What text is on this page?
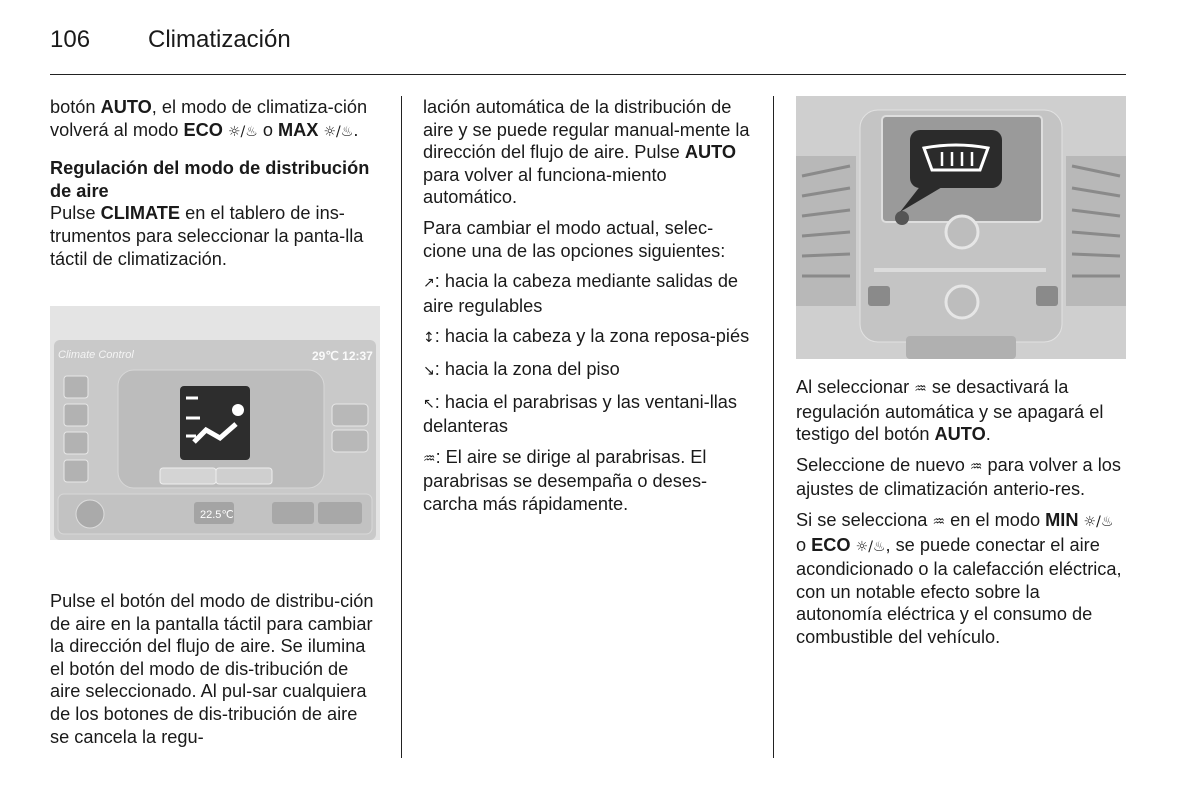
106	Climatización

botón AUTO, el modo de climatiza-ción volverá al modo ECO ☼/♨ o MAX ☼/♨.

Regulación del modo de distribución de aire

Pulse CLIMATE en el tablero de ins-trumentos para seleccionar la panta-lla táctil de climatización.

Climate Control	29℃ 12:37
22.5℃
Pulse el botón del modo de distribu-ción de aire en la pantalla táctil para cambiar la dirección del flujo de aire. Se ilumina el botón del modo de dis-tribución de aire seleccionado. Al pul-sar cualquiera de los botones de dis-tribución de aire se cancela la regu-

lación automática de la distribución de aire y se puede regular manual-mente la dirección del flujo de aire. Pulse AUTO para volver al funciona-miento automático.

Para cambiar el modo actual, selec-cione una de las opciones siguientes:

↗: hacia la cabeza mediante salidas de aire regulables

↕: hacia la cabeza y la zona reposa-piés

↘: hacia la zona del piso

↖: hacia el parabrisas y las ventani-llas delanteras

♒: El aire se dirige al parabrisas. El parabrisas se desempaña o deses-carcha más rápidamente.

Al seleccionar ♒ se desactivará la regulación automática y se apagará el testigo del botón AUTO.

Seleccione de nuevo ♒ para volver a los ajustes de climatización anterio-res.

Si se selecciona ♒ en el modo MIN ☼/♨ o ECO ☼/♨, se puede conectar el aire acondicionado o la calefacción eléctrica, con un notable efecto sobre la autonomía eléctrica y el consumo de combustible del vehículo.
